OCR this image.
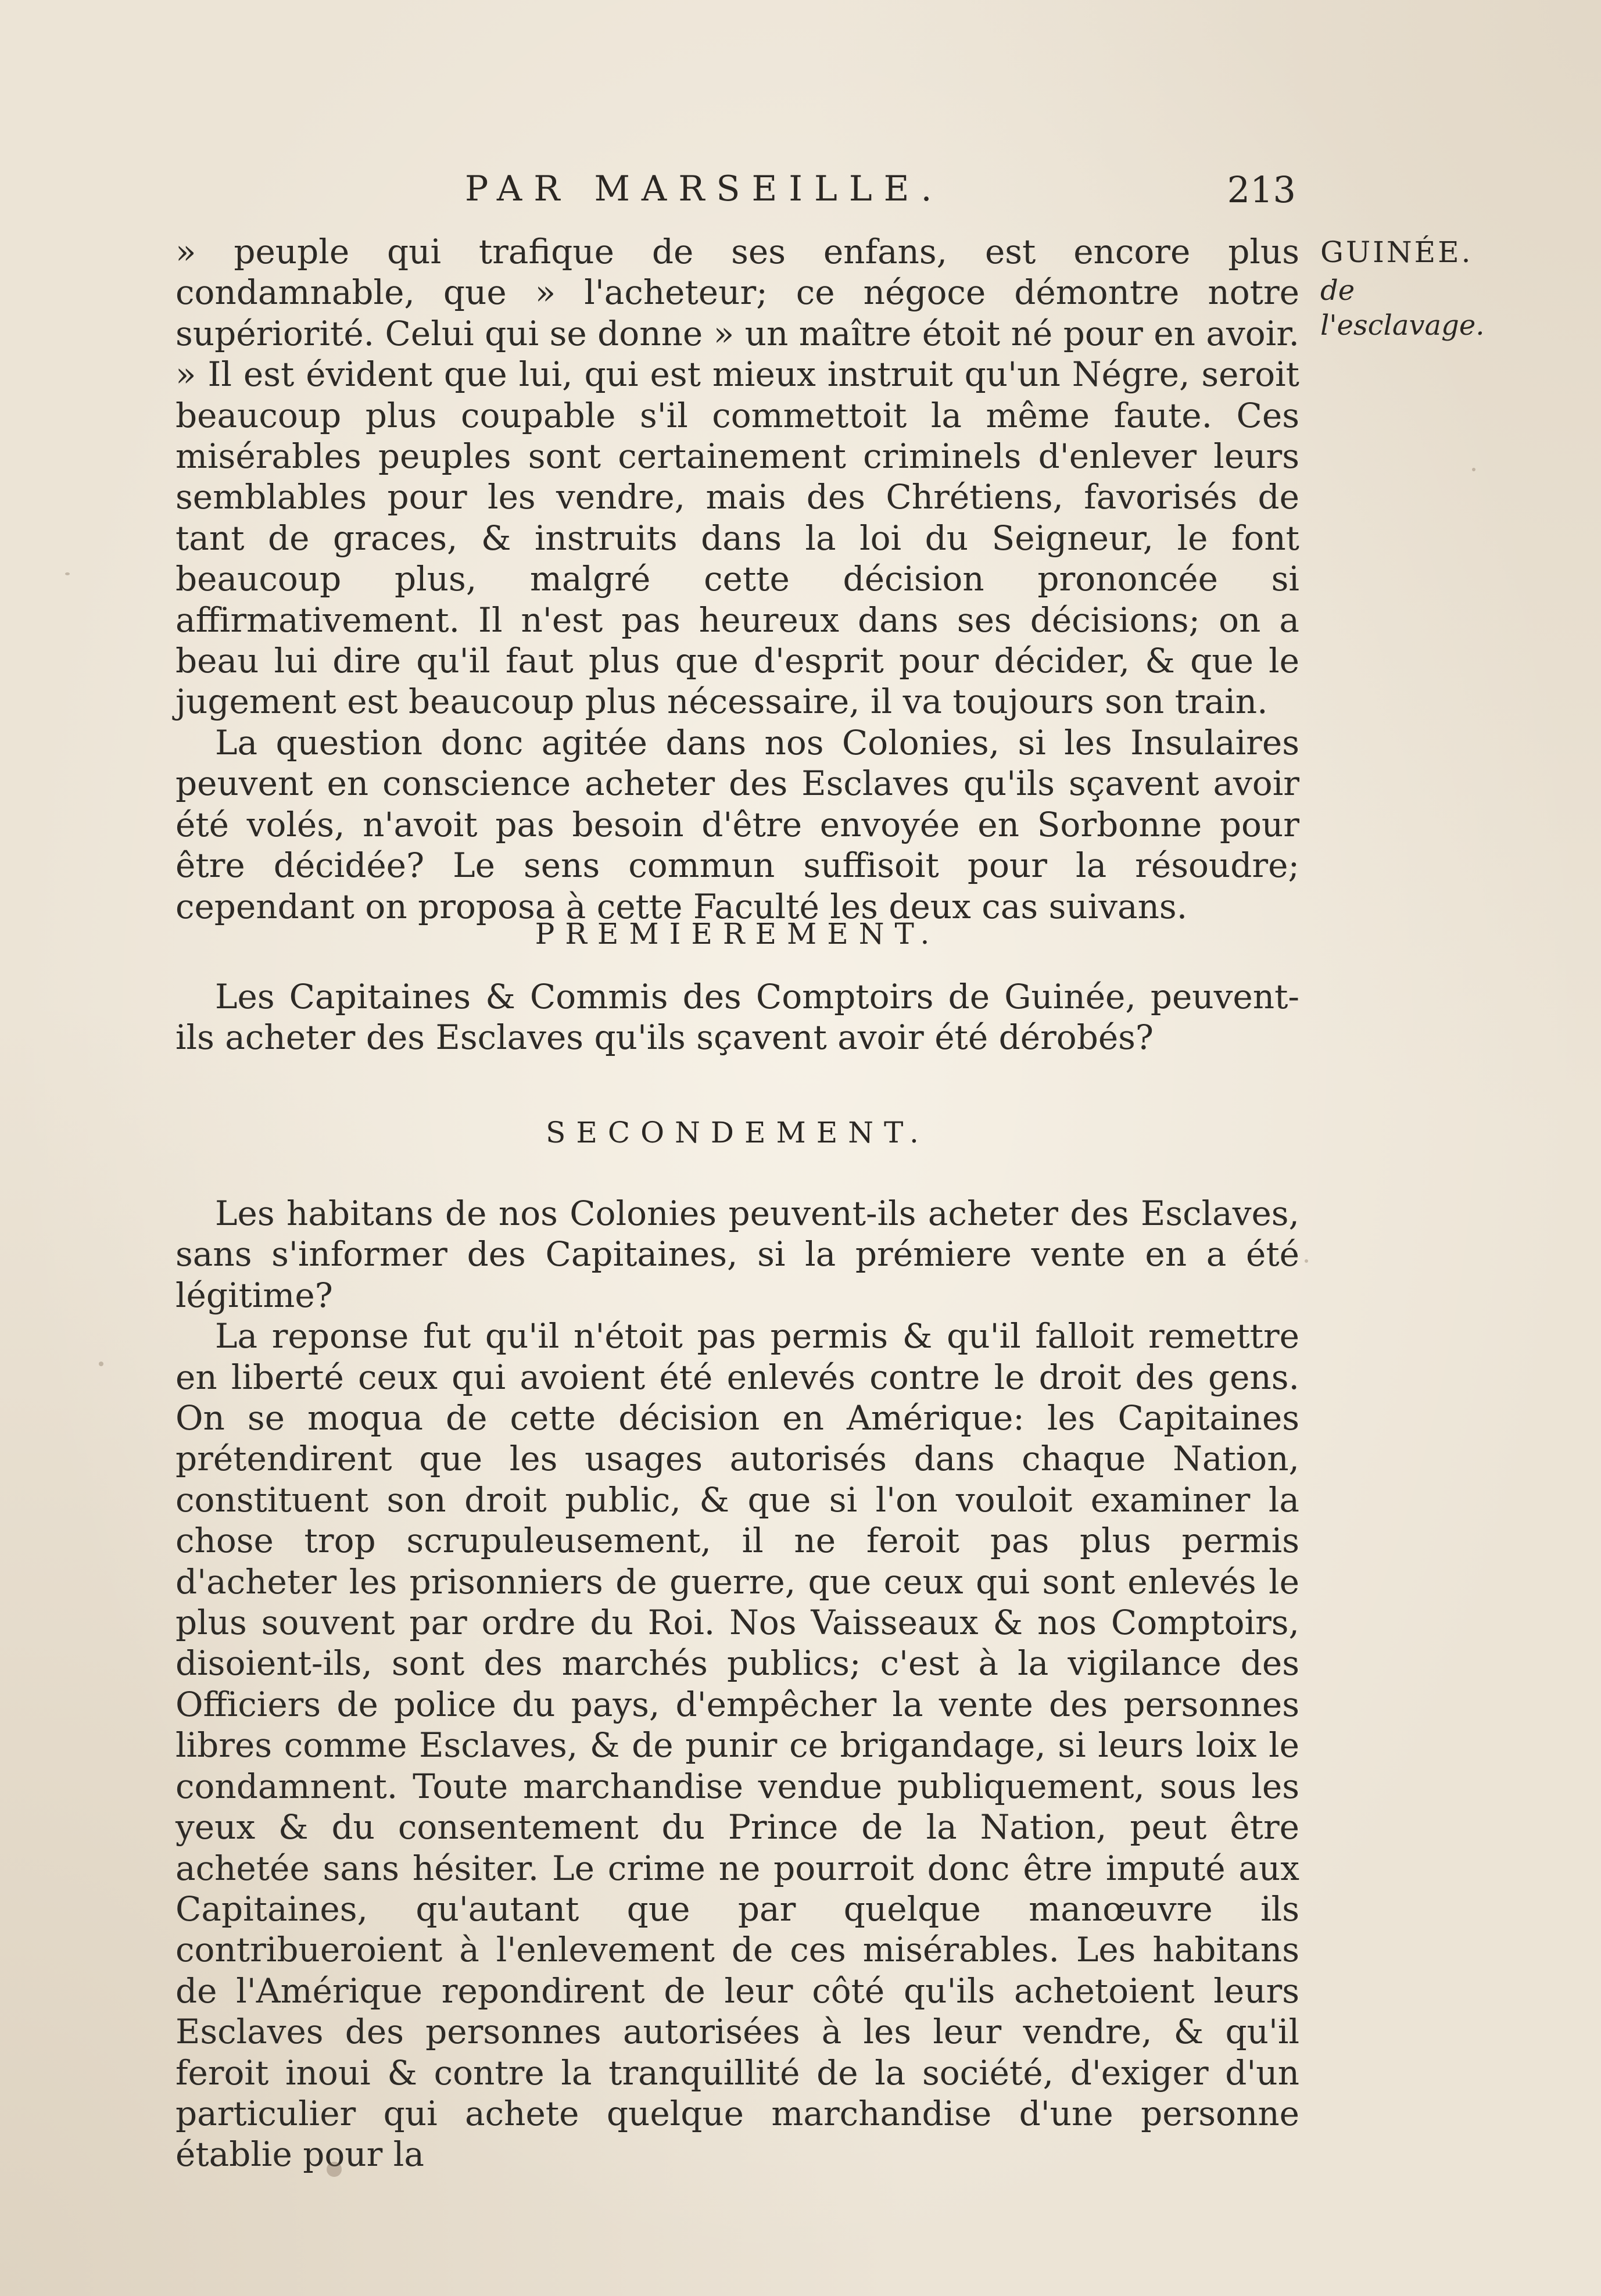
PAR MARSEILLE.	213
GUINÉE.
de l'esclavage.

» peuple qui trafique de ses enfans, est encore plus condamnable, que » l'acheteur; ce négoce démontre notre supériorité. Celui qui se donne » un maître étoit né pour en avoir. » Il est évident que lui, qui est mieux instruit qu'un Négre, seroit beaucoup plus coupable s'il commettoit la même faute. Ces misérables peuples sont certainement criminels d'enlever leurs semblables pour les vendre, mais des Chrétiens, favorisés de tant de graces, & instruits dans la loi du Seigneur, le font beaucoup plus, malgré cette décision prononcée si affirmativement. Il n'est pas heureux dans ses décisions; on a beau lui dire qu'il faut plus que d'esprit pour décider, & que le jugement est beaucoup plus nécessaire, il va toujours son train.

La question donc agitée dans nos Colonies, si les Insulaires peuvent en conscience acheter des Esclaves qu'ils sçavent avoir été volés, n'avoit pas besoin d'être envoyée en Sorbonne pour être décidée? Le sens commun suffisoit pour la résoudre; cependant on proposa à cette Faculté les deux cas suivans.

PREMIEREMENT.

Les Capitaines & Commis des Comptoirs de Guinée, peuvent-ils acheter des Esclaves qu'ils sçavent avoir été dérobés?

SECONDEMENT.

Les habitans de nos Colonies peuvent-ils acheter des Esclaves, sans s'informer des Capitaines, si la prémiere vente en a été légitime?

La reponse fut qu'il n'étoit pas permis & qu'il falloit remettre en liberté ceux qui avoient été enlevés contre le droit des gens. On se moqua de cette décision en Amérique: les Capitaines prétendirent que les usages autorisés dans chaque Nation, constituent son droit public, & que si l'on vouloit examiner la chose trop scrupuleusement, il ne feroit pas plus permis d'acheter les prisonniers de guerre, que ceux qui sont enlevés le plus souvent par ordre du Roi. Nos Vaisseaux & nos Comptoirs, disoient-ils, sont des marchés publics; c'est à la vigilance des Officiers de police du pays, d'empêcher la vente des personnes libres comme Esclaves, & de punir ce brigandage, si leurs loix le condamnent. Toute marchandise vendue publiquement, sous les yeux & du consentement du Prince de la Nation, peut être achetée sans hésiter. Le crime ne pourroit donc être imputé aux Capitaines, qu'autant que par quelque manœuvre ils contribueroient à l'enlevement de ces misérables. Les habitans de l'Amérique repondirent de leur côté qu'ils achetoient leurs Esclaves des personnes autorisées à les leur vendre, & qu'il feroit inoui & contre la tranquillité de la société, d'exiger d'un particulier qui achete quelque marchandise d'une personne établie pour la
